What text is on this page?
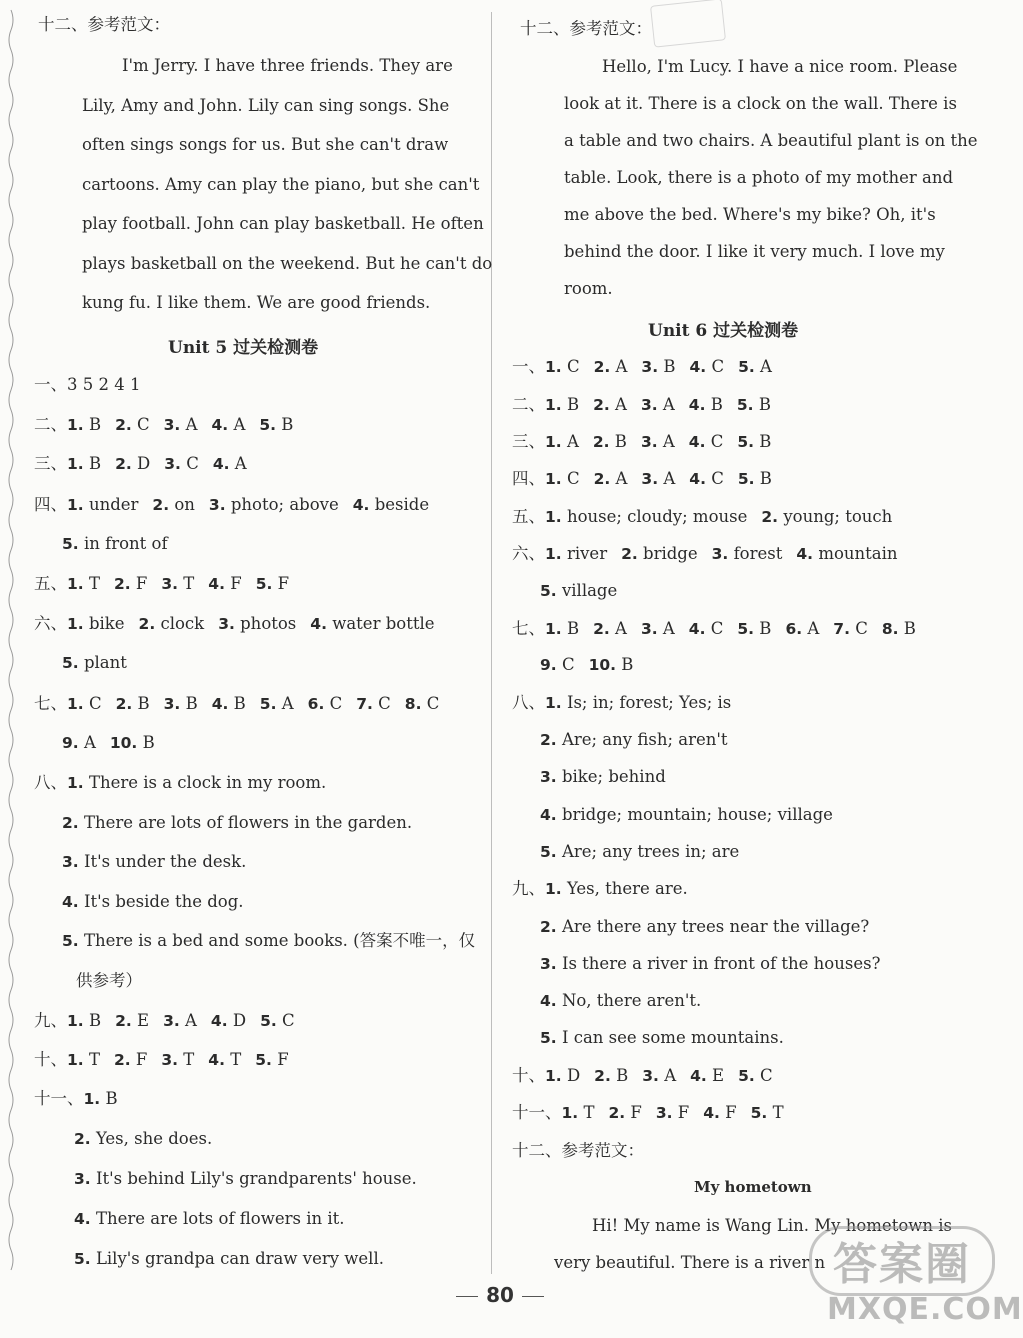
十二、参考范文：
I'm Jerry. I have three friends. They are
Lily, Amy and John. Lily can sing songs. She
often sings songs for us. But she can't draw
cartoons. Amy can play the piano, but she can't
play football. John can play basketball. He often
plays basketball on the weekend. But he can't do
kung fu. I like them. We are good friends.
Unit 5 过关检测卷
一、3 5 2 4 1
二、1. B 2. C 3. A 4. A 5. B
三、1. B 2. D 3. C 4. A
四、1. under 2. on 3. photo; above 4. beside
5. in front of
五、1. T 2. F 3. T 4. F 5. F
六、1. bike 2. clock 3. photos 4. water bottle
5. plant
七、1. C 2. B 3. B 4. B 5. A 6. C 7. C 8. C
9. A 10. B
八、1. There is a clock in my room.
2. There are lots of flowers in the garden.
3. It's under the desk.
4. It's beside the dog.
5. There is a bed and some books. (答案不唯一，仅
供参考）
九、1. B 2. E 3. A 4. D 5. C
十、1. T 2. F 3. T 4. T 5. F
十一、1. B
2. Yes, she does.
3. It's behind Lily's grandparents' house.
4. There are lots of flowers in it.
5. Lily's grandpa can draw very well.
十二、参考范文：
Hello, I'm Lucy. I have a nice room. Please
look at it. There is a clock on the wall. There is
a table and two chairs. A beautiful plant is on the
table. Look, there is a photo of my mother and
me above the bed. Where's my bike? Oh, it's
behind the door. I like it very much. I love my
room.
Unit 6 过关检测卷
一、1. C 2. A 3. B 4. C 5. A
二、1. B 2. A 3. A 4. B 5. B
三、1. A 2. B 3. A 4. C 5. B
四、1. C 2. A 3. A 4. C 5. B
五、1. house; cloudy; mouse 2. young; touch
六、1. river 2. bridge 3. forest 4. mountain
5. village
七、1. B 2. A 3. A 4. C 5. B 6. A 7. C 8. B
9. C 10. B
八、1. Is; in; forest; Yes; is
2. Are; any fish; aren't
3. bike; behind
4. bridge; mountain; house; village
5. Are; any trees in; are
九、1. Yes, there are.
2. Are there any trees near the village?
3. Is there a river in front of the houses?
4. No, there aren't.
5. I can see some mountains.
十、1. D 2. B 3. A 4. E 5. C
十一、1. T 2. F 3. F 4. F 5. T
十二、参考范文：
My hometown
Hi! My name is Wang Lin. My hometown is
very beautiful. There is a river n 答案圈
MXQE.COM
80
